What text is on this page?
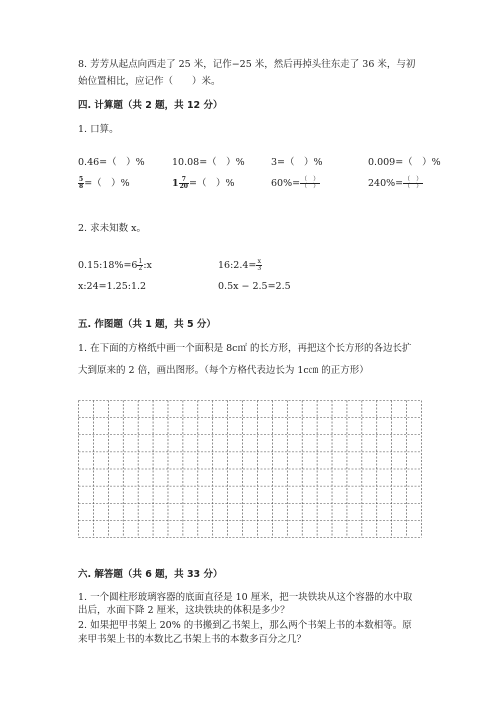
8. 芳芳从起点向西走了 25 米，记作−25 米，然后再掉头往东走了 36 米，与初
始位置相比，应记作（　　）米。
四. 计算题（共 2 题，共 12 分）
1. 口算。
0.46=（　）%	10.08=（　）%	3=（　）%	0.009=（　）%
$\frac{5}{8}$ =（　）%	$1 \frac{7}{20}$ =（　）%	$60\%= \frac{( )}{( )}$	$240\%= \frac{( )}{( )}$
2. 求未知数 x。
0.15:18%=6 $\frac{1}{2}$ :x	16:2.4= $\frac{x}{3}$
x:24=1.25:1.2	0.5x − 2.5=2.5
五. 作图题（共 1 题，共 5 分）
1. 在下面的方格纸中画一个面积是 8c㎡ 的长方形，再把这个长方形的各边长扩
大到原来的 2 倍，画出图形。（每个方格代表边长为 1c㎝ 的正方形）
六. 解答题（共 6 题，共 33 分）
1. 一个圆柱形玻璃容器的底面直径是 10 厘米，把一块铁块从这个容器的水中取
出后，水面下降 2 厘米，这块铁块的体积是多少？
2. 如果把甲书架上 20% 的书搬到乙书架上，那么两个书架上书的本数相等。原
来甲书架上书的本数比乙书架上书的本数多百分之几？
